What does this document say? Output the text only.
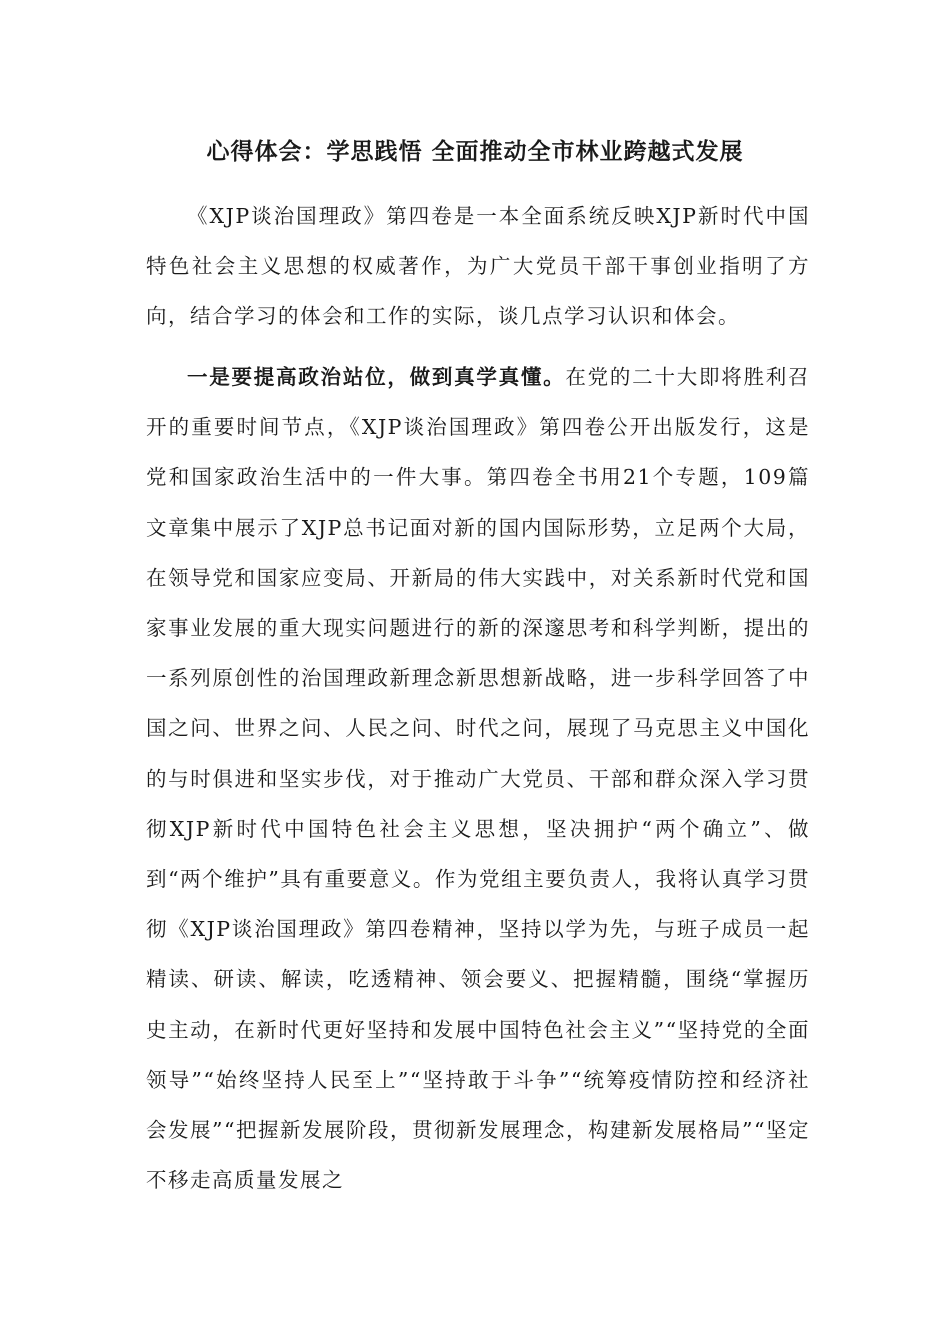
心得体会：学思践悟 全面推动全市林业跨越式发展

《XJP谈治国理政》第四卷是一本全面系统反映XJP新时代中国特色社会主义思想的权威著作，为广大党员干部干事创业指明了方向，结合学习的体会和工作的实际，谈几点学习认识和体会。

一是要提高政治站位，做到真学真懂。在党的二十大即将胜利召开的重要时间节点，《XJP谈治国理政》第四卷公开出版发行，这是党和国家政治生活中的一件大事。第四卷全书用21个专题，109篇文章集中展示了XJP总书记面对新的国内国际形势，立足两个大局，在领导党和国家应变局、开新局的伟大实践中，对关系新时代党和国家事业发展的重大现实问题进行的新的深邃思考和科学判断，提出的一系列原创性的治国理政新理念新思想新战略，进一步科学回答了中国之问、世界之问、人民之问、时代之问，展现了马克思主义中国化的与时俱进和坚实步伐，对于推动广大党员、干部和群众深入学习贯彻XJP新时代中国特色社会主义思想，坚决拥护“两个确立”、做到“两个维护”具有重要意义。作为党组主要负责人，我将认真学习贯彻《XJP谈治国理政》第四卷精神，坚持以学为先，与班子成员一起精读、研读、解读，吃透精神、领会要义、把握精髓，围绕“掌握历史主动，在新时代更好坚持和发展中国特色社会主义”“坚持党的全面领导”“始终坚持人民至上”“坚持敢于斗争”“统筹疫情防控和经济社会发展”“把握新发展阶段，贯彻新发展理念，构建新发展格局”“坚定不移走高质量发展之
